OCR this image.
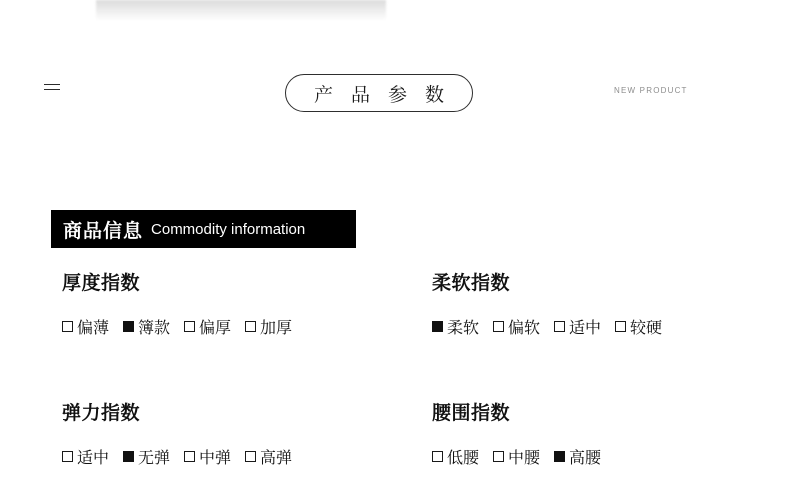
产 品 参 数	NEW PRODUCT
商品信息 Commodity information
厚度指数
偏薄 簿款 偏厚 加厚
柔软指数
柔软 偏软 适中 较硬
弹力指数
适中 无弹 中弹 高弹
腰围指数
低腰 中腰 高腰
